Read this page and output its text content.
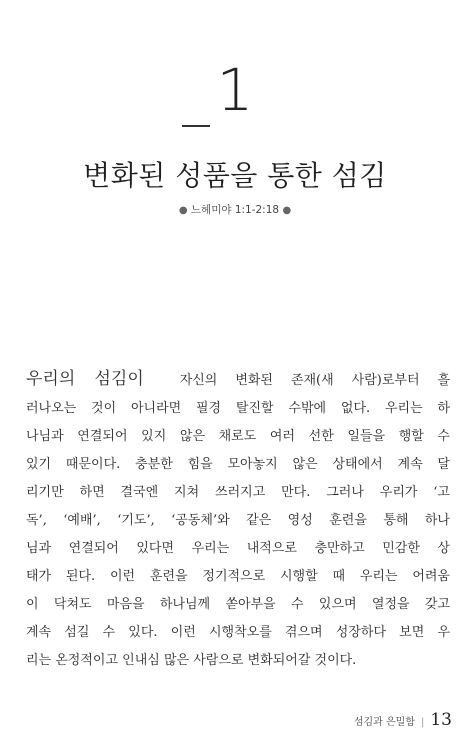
1
변화된 성품을 통한 섬김
● 느헤미야 1:1-2:18 ●
우리의 섬김이	자신의 변화된 존재(새 사람)로부터 흘
러나오는 것이 아니라면 필경 탈진할 수밖에 없다. 우리는 하
나님과 연결되어 있지 않은 채로도 여러 선한 일들을 행할 수
있기 때문이다. 충분한 힘을 모아놓지 않은 상태에서 계속 달
리기만 하면 결국엔 지쳐 쓰러지고 만다. 그러나 우리가 ‘고
독’, ‘예배’, ‘기도’, ‘공동체’와 같은 영성 훈련을 통해 하나
님과 연결되어 있다면 우리는 내적으로 충만하고 민감한 상
태가 된다. 이런 훈련을 정기적으로 시행할 때 우리는 어려움
이 닥쳐도 마음을 하나님께 쏟아부을 수 있으며 열정을 갖고
계속 섬길 수 있다. 이런 시행착오를 겪으며 성장하다 보면 우
리는 온정적이고 인내심 많은 사람으로 변화되어갈 것이다.
섬김과 은밀함 | 13
